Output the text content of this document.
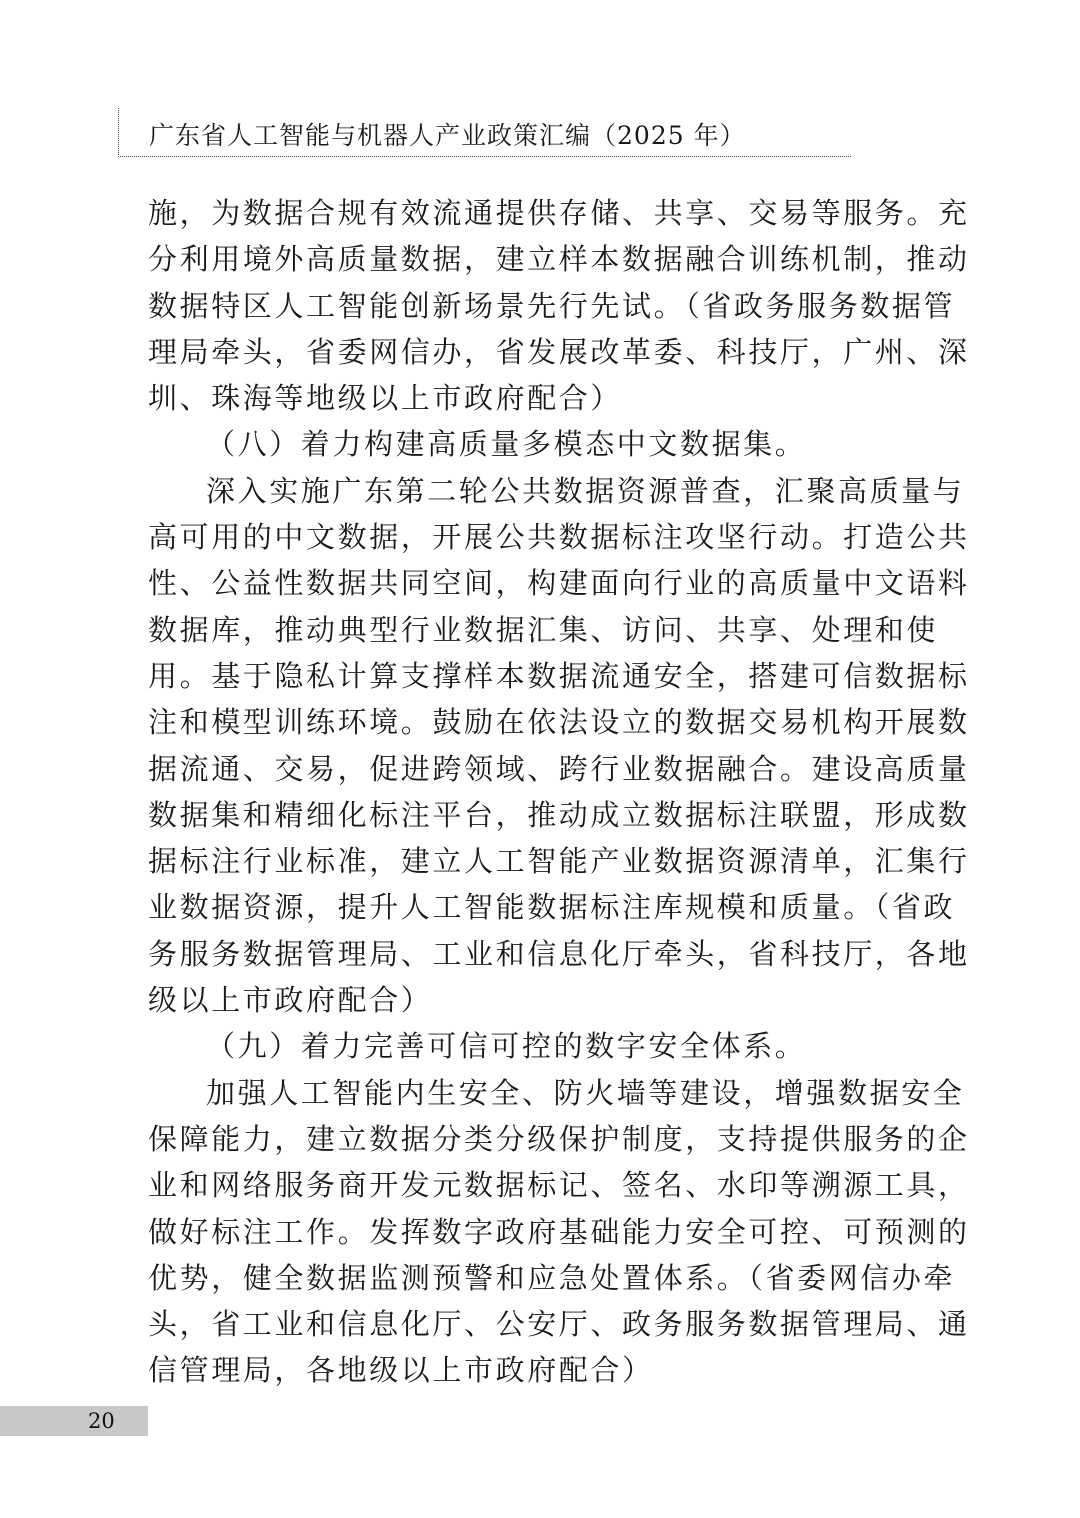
广东省人工智能与机器人产业政策汇编（2025 年）
施，为数据合规有效流通提供存储、共享、交易等服务。充
分利用境外高质量数据，建立样本数据融合训练机制，推动
数据特区人工智能创新场景先行先试。（省政务服务数据管
理局牵头，省委网信办，省发展改革委、科技厅，广州、深
圳、珠海等地级以上市政府配合）
（八）着力构建高质量多模态中文数据集。
深入实施广东第二轮公共数据资源普查，汇聚高质量与
高可用的中文数据，开展公共数据标注攻坚行动。打造公共
性、公益性数据共同空间，构建面向行业的高质量中文语料
数据库，推动典型行业数据汇集、访问、共享、处理和使
用。基于隐私计算支撑样本数据流通安全，搭建可信数据标
注和模型训练环境。鼓励在依法设立的数据交易机构开展数
据流通、交易，促进跨领域、跨行业数据融合。建设高质量
数据集和精细化标注平台，推动成立数据标注联盟，形成数
据标注行业标准，建立人工智能产业数据资源清单，汇集行
业数据资源，提升人工智能数据标注库规模和质量。（省政
务服务数据管理局、工业和信息化厅牵头，省科技厅，各地
级以上市政府配合）
（九）着力完善可信可控的数字安全体系。
加强人工智能内生安全、防火墙等建设，增强数据安全
保障能力，建立数据分类分级保护制度，支持提供服务的企
业和网络服务商开发元数据标记、签名、水印等溯源工具，
做好标注工作。发挥数字政府基础能力安全可控、可预测的
优势，健全数据监测预警和应急处置体系。（省委网信办牵
头，省工业和信息化厅、公安厅、政务服务数据管理局、通
信管理局，各地级以上市政府配合）
20
